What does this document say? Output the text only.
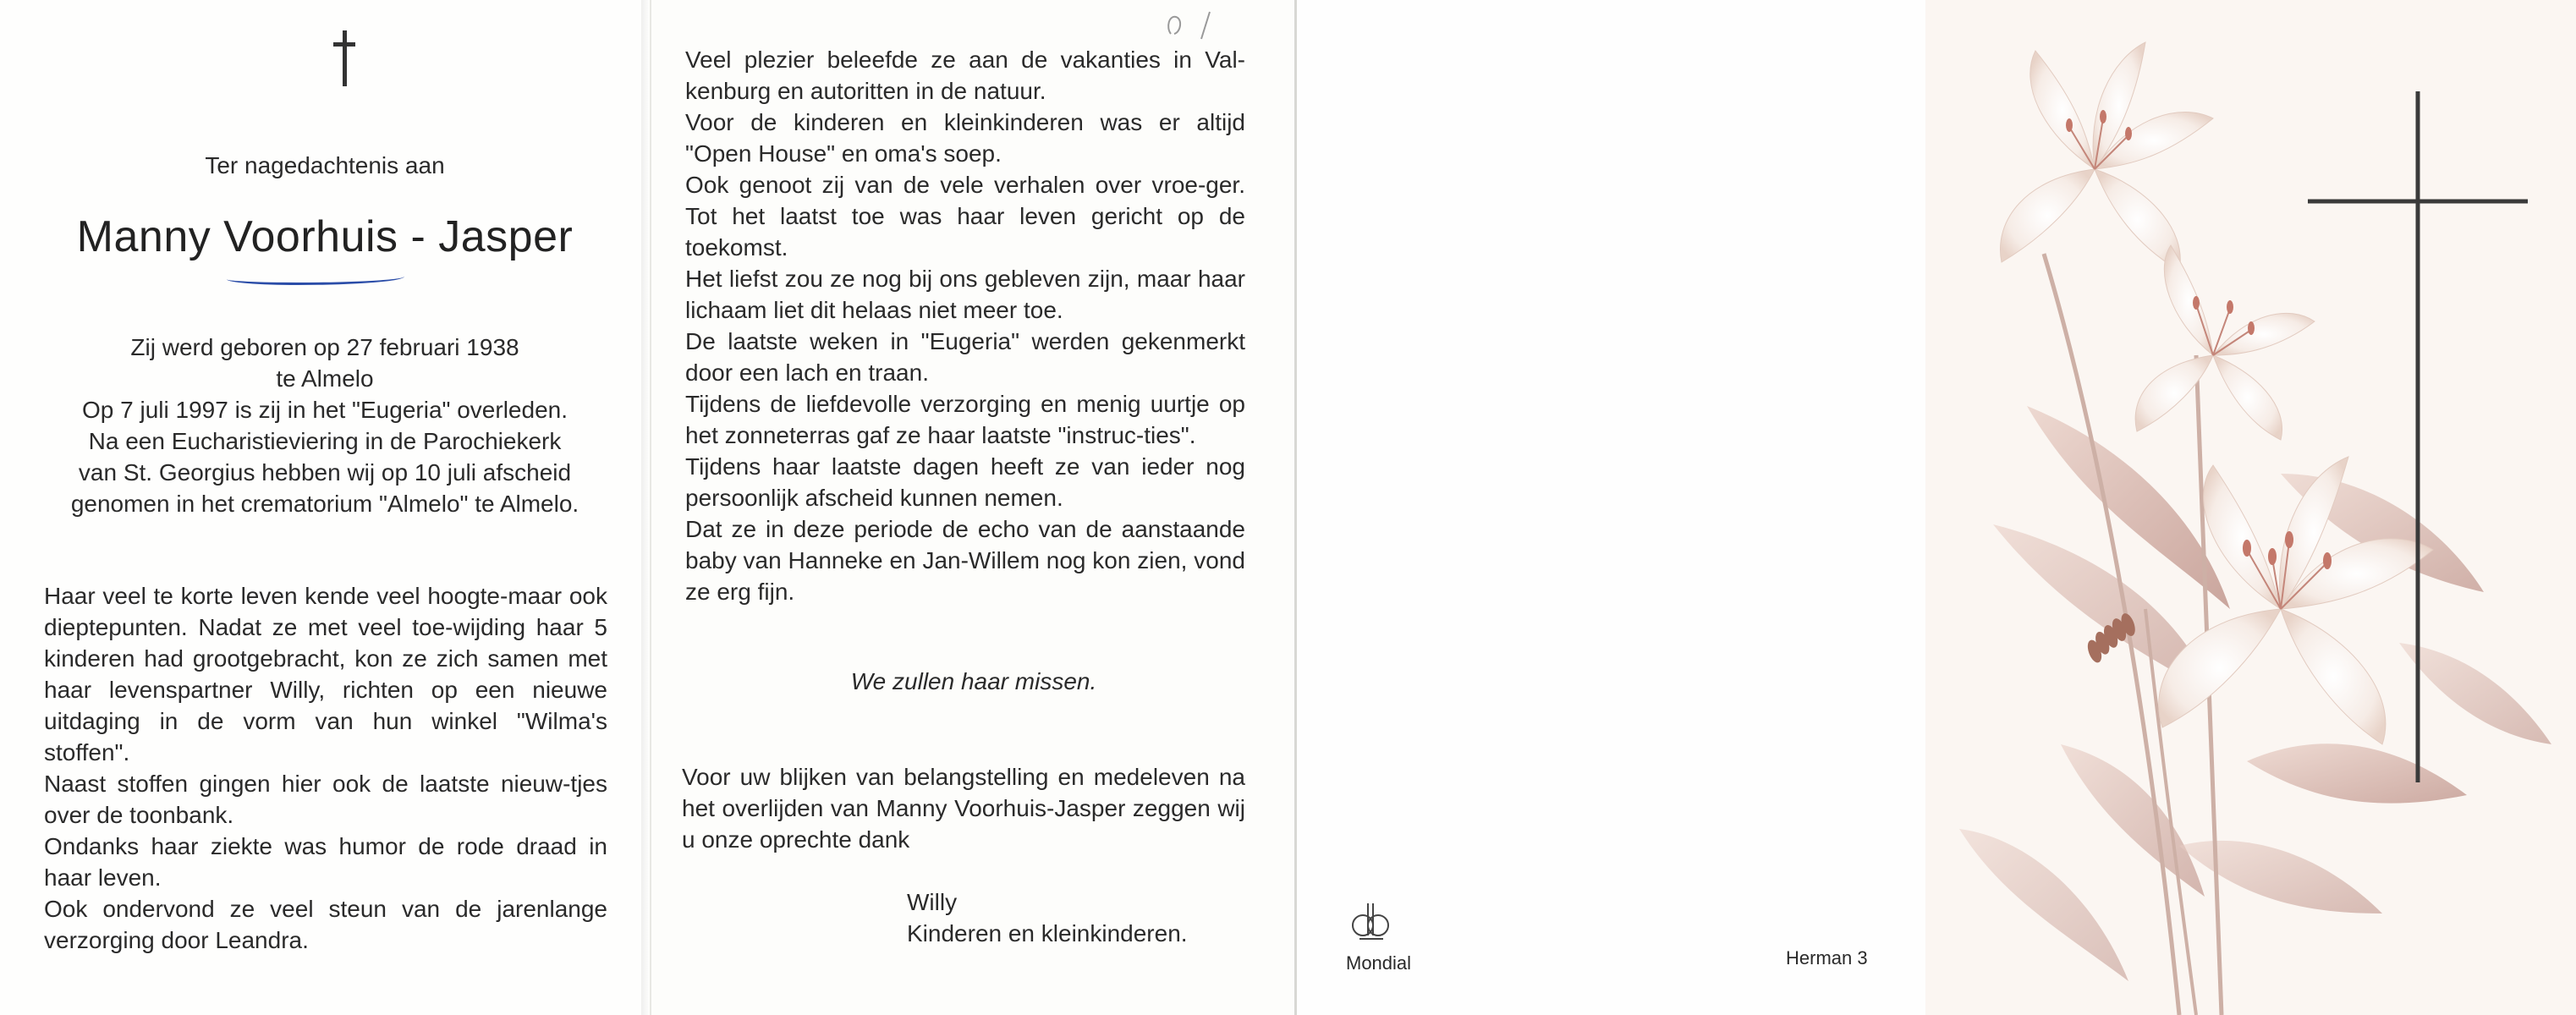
Ter nagedachtenis aan
Manny Voorhuis - Jasper
Zij werd geboren op 27 februari 1938
te Almelo
Op 7 juli 1997 is zij in het "Eugeria" overleden.
Na een Eucharistieviering in de Parochiekerk
van St. Georgius hebben wij op 10 juli afscheid
genomen in het crematorium "Almelo" te Almelo.

Haar veel te korte leven kende veel hoogte-maar ook dieptepunten. Nadat ze met veel toe-wijding haar 5 kinderen had grootgebracht, kon ze zich samen met haar levenspartner Willy, richten op een nieuwe uitdaging in de vorm van hun winkel "Wilma's stoffen".

Naast stoffen gingen hier ook de laatste nieuw-tjes over de toonbank.

Ondanks haar ziekte was humor de rode draad in haar leven.

Ook ondervond ze veel steun van de jarenlange verzorging door Leandra.

Veel plezier beleefde ze aan de vakanties in Val-kenburg en autoritten in de natuur.

Voor de kinderen en kleinkinderen was er altijd "Open House" en oma's soep.

Ook genoot zij van de vele verhalen over vroe-ger. Tot het laatst toe was haar leven gericht op de toekomst.

Het liefst zou ze nog bij ons gebleven zijn, maar haar lichaam liet dit helaas niet meer toe.

De laatste weken in "Eugeria" werden gekenmerkt door een lach en traan.

Tijdens de liefdevolle verzorging en menig uurtje op het zonneterras gaf ze haar laatste "instruc-ties".

Tijdens haar laatste dagen heeft ze van ieder nog persoonlijk afscheid kunnen nemen.

Dat ze in deze periode de echo van de aanstaande baby van Hanneke en Jan-Willem nog kon zien, vond ze erg fijn.

We zullen haar missen.
Voor uw blijken van belangstelling en medeleven na het overlijden van Manny Voorhuis-Jasper zeggen wij u onze oprechte dank
Willy
Kinderen en kleinkinderen.
Mondial	Herman 3
